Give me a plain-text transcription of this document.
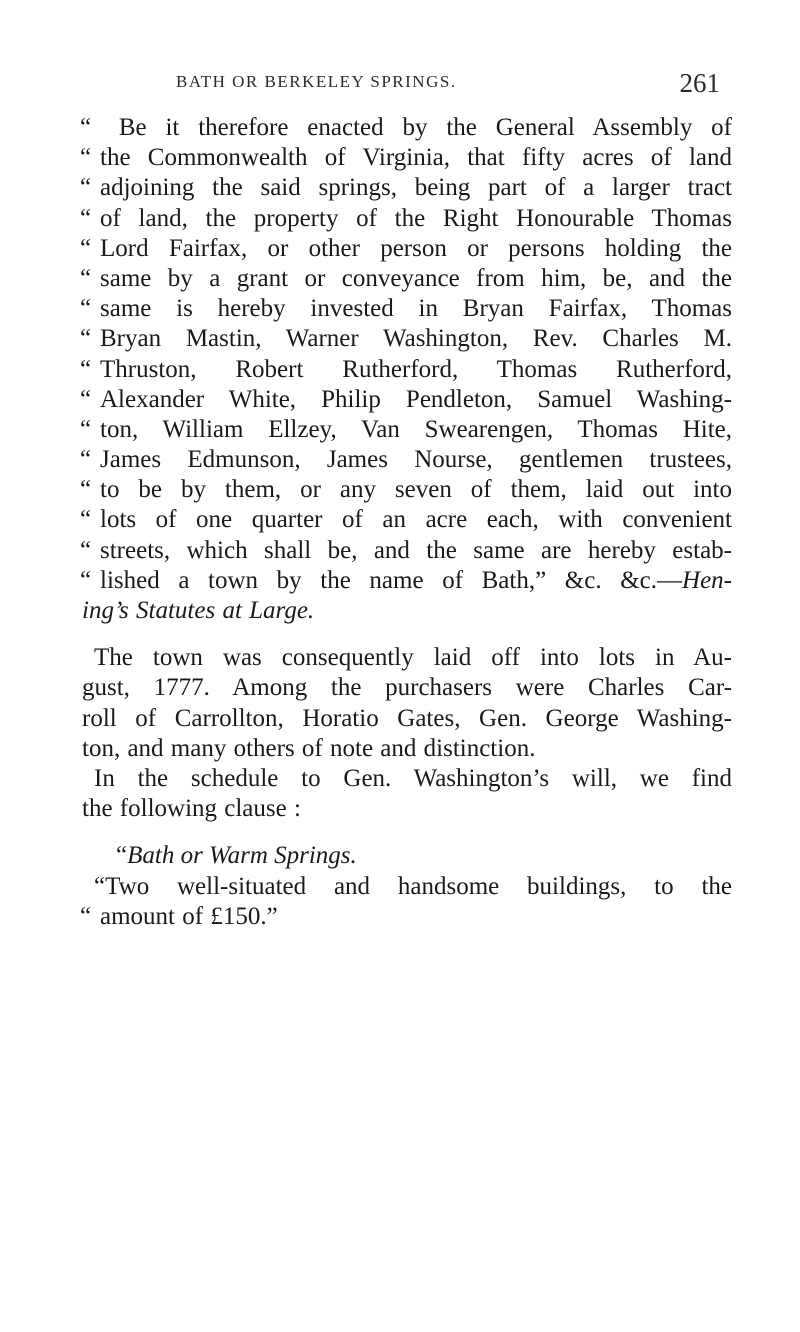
BATH OR BERKELEY SPRINGS.	261
“ Be it therefore enacted by the General Assembly of
“ the Commonwealth of Virginia, that fifty acres of land
“ adjoining the said springs, being part of a larger tract
“ of land, the property of the Right Honourable Thomas
“ Lord Fairfax, or other person or persons holding the
“ same by a grant or conveyance from him, be, and the
“ same is hereby invested in Bryan Fairfax, Thomas
“ Bryan Mastin, Warner Washington, Rev. Charles M.
“ Thruston, Robert Rutherford, Thomas Rutherford,
“ Alexander White, Philip Pendleton, Samuel Washing-
“ ton, William Ellzey, Van Swearengen, Thomas Hite,
“ James Edmunson, James Nourse, gentlemen trustees,
“ to be by them, or any seven of them, laid out into
“ lots of one quarter of an acre each, with convenient
“ streets, which shall be, and the same are hereby estab-
“ lished a town by the name of Bath,” &c. &c.—Hen-
ing’s Statutes at Large.
The town was consequently laid off into lots in Au-
gust, 1777. Among the purchasers were Charles Car-
roll of Carrollton, Horatio Gates, Gen. George Washing-
ton, and many others of note and distinction.
In the schedule to Gen. Washington’s will, we find
the following clause :
“Bath or Warm Springs.
“Two well-situated and handsome buildings, to the
“ amount of £150.”
